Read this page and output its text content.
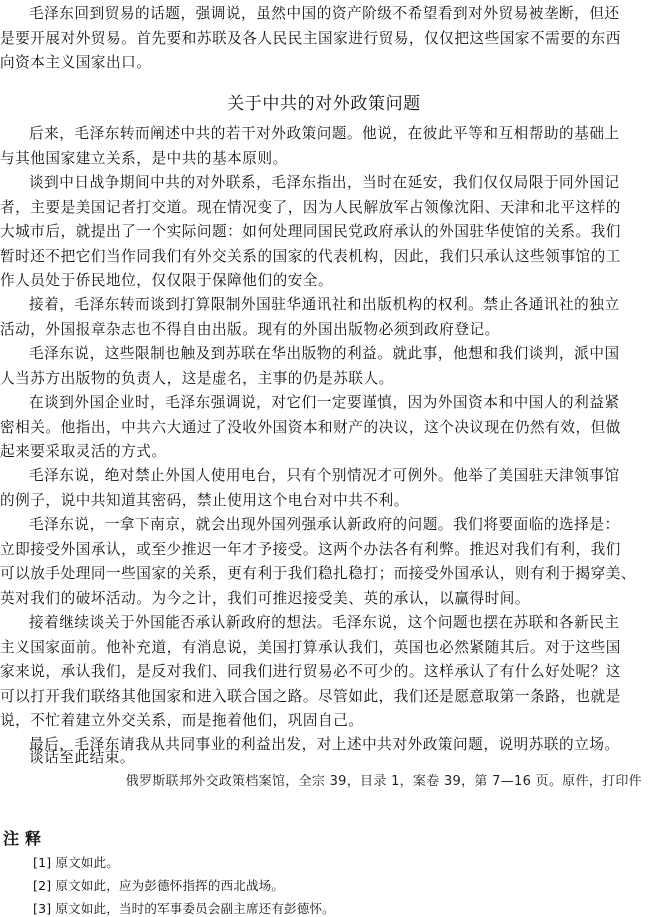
毛泽东回到贸易的话题，强调说，虽然中国的资产阶级不希望看到对外贸易被垄断，但还
是要开展对外贸易。首先要和苏联及各人民民主国家进行贸易，仅仅把这些国家不需要的东西
向资本主义国家出口。
关于中共的对外政策问题
后来，毛泽东转而阐述中共的若干对外政策问题。他说，在彼此平等和互相帮助的基础上
与其他国家建立关系，是中共的基本原则。
谈到中日战争期间中共的对外联系，毛泽东指出，当时在延安，我们仅仅局限于同外国记
者，主要是美国记者打交道。现在情况变了，因为人民解放军占领像沈阳、天津和北平这样的
大城市后，就提出了一个实际问题：如何处理同国民党政府承认的外国驻华使馆的关系。我们
暂时还不把它们当作同我们有外交关系的国家的代表机构，因此，我们只承认这些领事馆的工
作人员处于侨民地位，仅仅限于保障他们的安全。
接着，毛泽东转而谈到打算限制外国驻华通讯社和出版机构的权利。禁止各通讯社的独立
活动，外国报章杂志也不得自由出版。现有的外国出版物必须到政府登记。
毛泽东说，这些限制也触及到苏联在华出版物的利益。就此事，他想和我们谈判，派中国
人当苏方出版物的负责人，这是虚名，主事的仍是苏联人。
在谈到外国企业时，毛泽东强调说，对它们一定要谨慎，因为外国资本和中国人的利益紧
密相关。他指出，中共六大通过了没收外国资本和财产的决议，这个决议现在仍然有效，但做
起来要采取灵活的方式。
毛泽东说，绝对禁止外国人使用电台，只有个别情况才可例外。他举了美国驻天津领事馆
的例子，说中共知道其密码，禁止使用这个电台对中共不利。
毛泽东说，一拿下南京，就会出现外国列强承认新政府的问题。我们将要面临的选择是：
立即接受外国承认，或至少推迟一年才予接受。这两个办法各有利弊。推迟对我们有利，我们
可以放手处理同一些国家的关系，更有利于我们稳扎稳打；而接受外国承认，则有利于揭穿美、
英对我们的破坏活动。为今之计，我们可推迟接受美、英的承认，以赢得时间。
接着继续谈关于外国能否承认新政府的想法。毛泽东说，这个问题也摆在苏联和各新民主
主义国家面前。他补充道，有消息说，美国打算承认我们，英国也必然紧随其后。对于这些国
家来说，承认我们，是反对我们、同我们进行贸易必不可少的。这样承认了有什么好处呢？这
可以打开我们联络其他国家和进入联合国之路。尽管如此，我们还是愿意取第一条路，也就是
说，不忙着建立外交关系，而是拖着他们，巩固自己。
最后，毛泽东请我从共同事业的利益出发，对上述中共对外政策问题，说明苏联的立场。
谈话至此结束。
俄罗斯联邦外交政策档案馆，全宗 39，目录 1，案卷 39，第 7—16 页。原件，打印件
注释
[1] 原文如此。
[2] 原文如此，应为彭德怀指挥的西北战场。
[3] 原文如此，当时的军事委员会副主席还有彭德怀。
